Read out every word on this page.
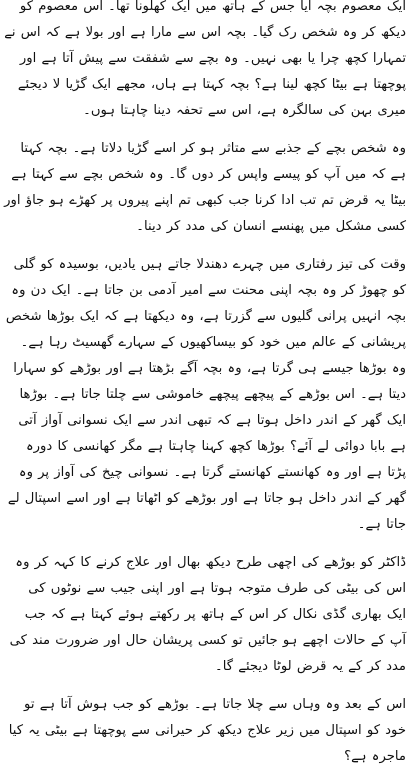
ایک معصوم بچہ آیا جس کے ہاتھ میں ایک کھلونا تھا۔ اس معصوم کو دیکھ کر وہ شخص رک گیا۔ بچہ اس سے مارا ہے اور بولا ہے کہ اس نے تمہارا کچھ چرا یا بھی نہیں۔ وہ بچے سے شفقت سے پیش آتا ہے اور پوچھتا ہے بیٹا کچھ لینا ہے؟ بچہ کہتا ہے ہاں، مجھے ایک گڑیا لا دیجئے میری بہن کی سالگرہ ہے، اس سے تحفہ دینا چاہتا ہوں۔

وہ شخص بچے کے جذبے سے متاثر ہو کر اسے گڑیا دلاتا ہے۔ بچہ کہتا ہے کہ میں آپ کو پیسے واپس کر دوں گا۔ وہ شخص بچے سے کہتا ہے بیٹا یہ قرض تم تب ادا کرنا جب کبھی تم اپنے پیروں پر کھڑے ہو جاؤ اور کسی مشکل میں پھنسے انسان کی مدد کر دینا۔

وقت کی تیز رفتاری میں چہرے دھندلا جاتے ہیں یادیں، بوسیدہ کو گلی کو چھوڑ کر وہ بچہ اپنی محنت سے امیر آدمی بن جاتا ہے۔ ایک دن وہ بچہ انہیں پرانی گلیوں سے گزرتا ہے، وہ دیکھتا ہے کہ ایک بوڑھا شخص پریشانی کے عالم میں خود کو بیساکھیوں کے سہارے گھسیٹ رہا ہے۔ وہ بوڑھا جیسے ہی گرتا ہے، وہ بچہ آگے بڑھتا ہے اور بوڑھے کو سہارا دیتا ہے۔ اس بوڑھے کے پیچھے پیچھے خاموشی سے چلتا جاتا ہے۔ بوڑھا ایک گھر کے اندر داخل ہوتا ہے کہ تبھی اندر سے ایک نسوانی آواز آتی ہے بابا دوائی لے آئے؟ بوڑھا کچھ کہنا چاہتا ہے مگر کھانسی کا دورہ پڑتا ہے اور وہ کھانستے کھانستے گرتا ہے۔ نسوانی چیخ کی آواز پر وہ گھر کے اندر داخل ہو جاتا ہے اور بوڑھے کو اٹھاتا ہے اور اسے اسپتال لے جاتا ہے۔

ڈاکٹر کو بوڑھے کی اچھی طرح دیکھ بھال اور علاج کرنے کا کہہ کر وہ اس کی بیٹی کی طرف متوجہ ہوتا ہے اور اپنی جیب سے نوٹوں کی ایک بھاری گڈی نکال کر اس کے ہاتھ پر رکھتے ہوئے کہتا ہے کہ جب آپ کے حالات اچھے ہو جائیں تو کسی پریشان حال اور ضرورت مند کی مدد کر کے یہ قرض لوٹا دیجئے گا۔

اس کے بعد وہ وہاں سے چلا جاتا ہے۔ بوڑھے کو جب ہوش آتا ہے تو خود کو اسپتال میں زیر علاج دیکھ کر حیرانی سے پوچھتا ہے بیٹی یہ کیا ماجرہ ہے؟
